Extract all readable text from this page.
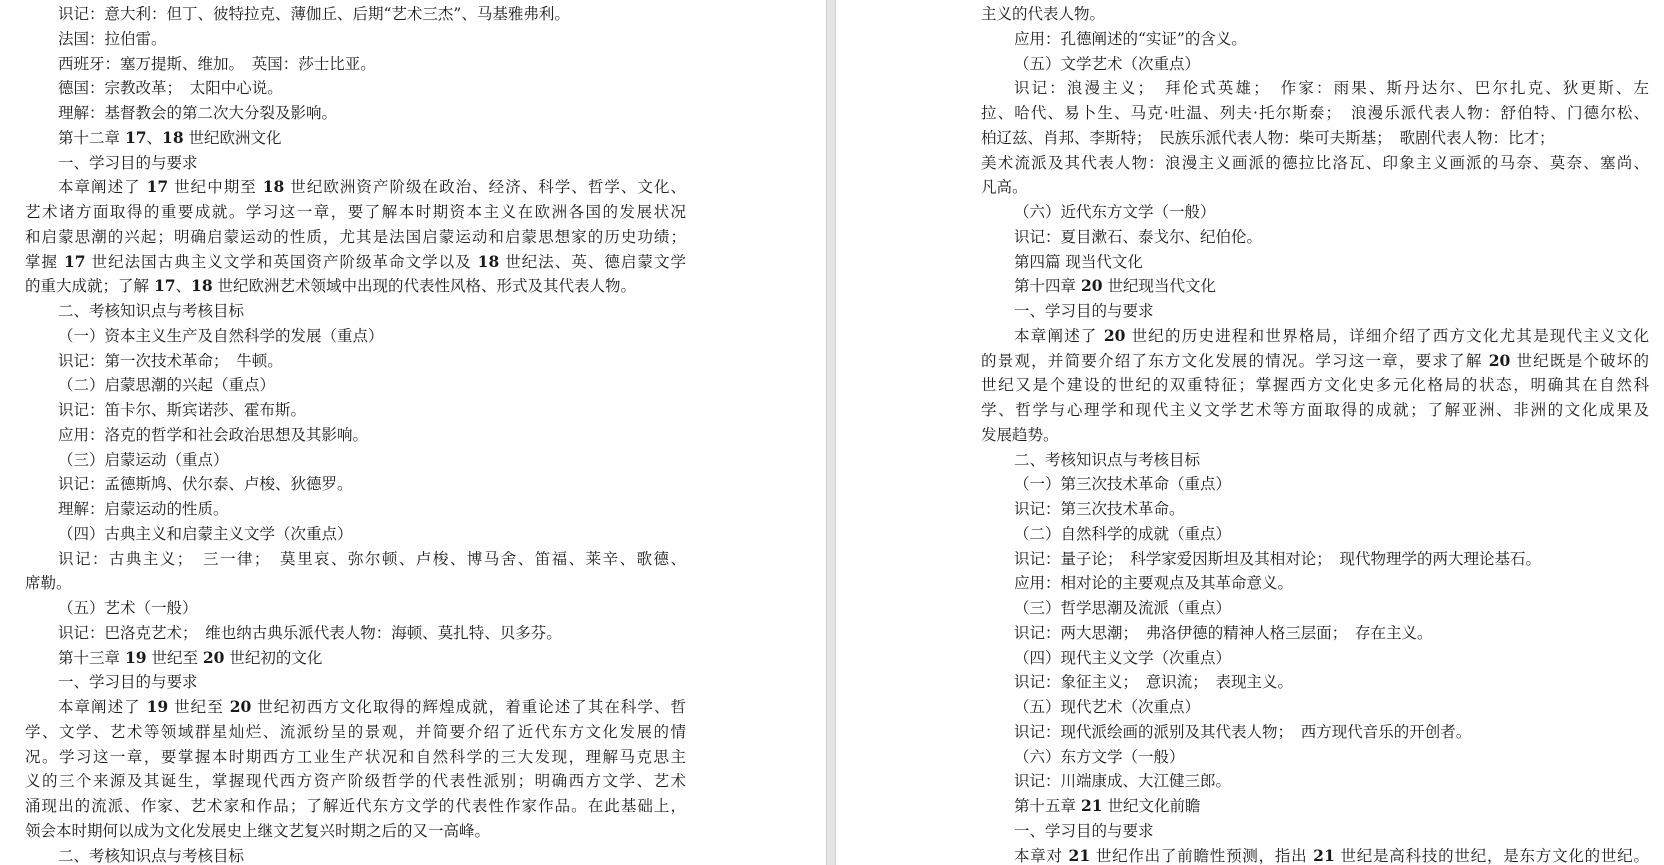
识记：意大利：但丁、彼特拉克、薄伽丘、后期“艺术三杰”、马基雅弗利。
法国：拉伯雷。
西班牙：塞万提斯、维加。　英国：莎士比亚。
德国：宗教改革；　太阳中心说。
理解：基督教会的第二次大分裂及影响。
第十二章 17、18 世纪欧洲文化
一、学习目的与要求
本章阐述了 17 世纪中期至 18 世纪欧洲资产阶级在政治、经济、科学、哲学、文化、
艺术诸方面取得的重要成就。学习这一章，要了解本时期资本主义在欧洲各国的发展状况
和启蒙思潮的兴起；明确启蒙运动的性质，尤其是法国启蒙运动和启蒙思想家的历史功绩；
掌握 17 世纪法国古典主义文学和英国资产阶级革命文学以及 18 世纪法、英、德启蒙文学
的重大成就；了解 17、18 世纪欧洲艺术领域中出现的代表性风格、形式及其代表人物。
二、考核知识点与考核目标
（一）资本主义生产及自然科学的发展（重点）
识记：第一次技术革命；　牛顿。
（二）启蒙思潮的兴起（重点）
识记：笛卡尔、斯宾诺莎、霍布斯。
应用：洛克的哲学和社会政治思想及其影响。
（三）启蒙运动（重点）
识记：孟德斯鸠、伏尔泰、卢梭、狄德罗。
理解：启蒙运动的性质。
（四）古典主义和启蒙主义文学（次重点）
识记：古典主义；　三一律；　莫里哀、弥尔顿、卢梭、博马舍、笛福、莱辛、歌德、
席勒。
（五）艺术（一般）
识记：巴洛克艺术；　维也纳古典乐派代表人物：海顿、莫扎特、贝多芬。
第十三章 19 世纪至 20 世纪初的文化
一、学习目的与要求
本章阐述了 19 世纪至 20 世纪初西方文化取得的辉煌成就，着重论述了其在科学、哲
学、文学、艺术等领域群星灿烂、流派纷呈的景观，并简要介绍了近代东方文化发展的情
况。学习这一章，要掌握本时期西方工业生产状况和自然科学的三大发现，理解马克思主
义的三个来源及其诞生，掌握现代西方资产阶级哲学的代表性派别；明确西方文学、艺术
涌现出的流派、作家、艺术家和作品；了解近代东方文学的代表性作家作品。在此基础上，
领会本时期何以成为文化发展史上继文艺复兴时期之后的又一高峰。
二、考核知识点与考核目标
主义的代表人物。
应用：孔德阐述的“实证”的含义。
（五）文学艺术（次重点）
识记：浪漫主义；　拜伦式英雄；　作家：雨果、斯丹达尔、巴尔扎克、狄更斯、左
拉、哈代、易卜生、马克·吐温、列夫·托尔斯泰；　浪漫乐派代表人物：舒伯特、门德尔松、
柏辽兹、肖邦、李斯特；　民族乐派代表人物：柴可夫斯基；　歌剧代表人物：比才；
美术流派及其代表人物：浪漫主义画派的德拉比洛瓦、印象主义画派的马奈、莫奈、塞尚、
凡高。
（六）近代东方文学（一般）
识记：夏目漱石、泰戈尔、纪伯伦。
第四篇 现当代文化
第十四章 20 世纪现当代文化
一、学习目的与要求
本章阐述了 20 世纪的历史进程和世界格局，详细介绍了西方文化尤其是现代主义文化
的景观，并简要介绍了东方文化发展的情况。学习这一章，要求了解 20 世纪既是个破坏的
世纪又是个建设的世纪的双重特征；掌握西方文化史多元化格局的状态，明确其在自然科
学、哲学与心理学和现代主义文学艺术等方面取得的成就；了解亚洲、非洲的文化成果及
发展趋势。
二、考核知识点与考核目标
（一）第三次技术革命（重点）
识记：第三次技术革命。
（二）自然科学的成就（重点）
识记：量子论；　科学家爱因斯坦及其相对论；　现代物理学的两大理论基石。
应用：相对论的主要观点及其革命意义。
（三）哲学思潮及流派（重点）
识记：两大思潮；　弗洛伊德的精神人格三层面；　存在主义。
（四）现代主义文学（次重点）
识记：象征主义；　意识流；　表现主义。
（五）现代艺术（次重点）
识记：现代派绘画的派别及其代表人物；　西方现代音乐的开创者。
（六）东方文学（一般）
识记：川端康成、大江健三郎。
第十五章 21 世纪文化前瞻
一、学习目的与要求
本章对 21 世纪作出了前瞻性预测，指出 21 世纪是高科技的世纪，是东方文化的世纪。
